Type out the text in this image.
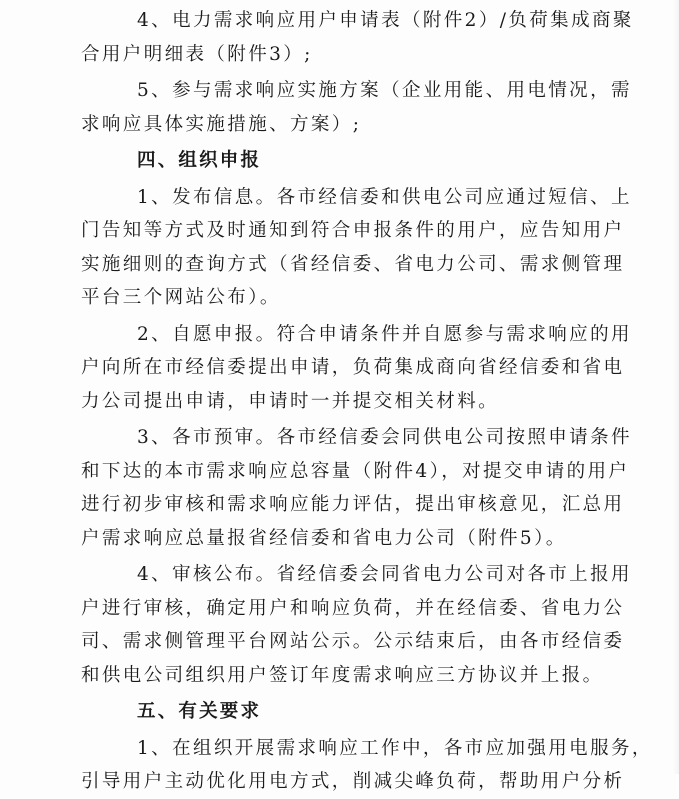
4、电力需求响应用户申请表（附件2）/负荷集成商聚
合用户明细表（附件3）;
5、参与需求响应实施方案（企业用能、用电情况，需
求响应具体实施措施、方案）;
四、组织申报
1、发布信息。各市经信委和供电公司应通过短信、上
门告知等方式及时通知到符合申报条件的用户，应告知用户
实施细则的查询方式（省经信委、省电力公司、需求侧管理
平台三个网站公布）。
2、自愿申报。符合申请条件并自愿参与需求响应的用
户向所在市经信委提出申请，负荷集成商向省经信委和省电
力公司提出申请，申请时一并提交相关材料。
3、各市预审。各市经信委会同供电公司按照申请条件
和下达的本市需求响应总容量（附件4），对提交申请的用户
进行初步审核和需求响应能力评估，提出审核意见，汇总用
户需求响应总量报省经信委和省电力公司（附件5）。
4、审核公布。省经信委会同省电力公司对各市上报用
户进行审核，确定用户和响应负荷，并在经信委、省电力公
司、需求侧管理平台网站公示。公示结束后，由各市经信委
和供电公司组织用户签订年度需求响应三方协议并上报。
五、有关要求
1、在组织开展需求响应工作中，各市应加强用电服务，
引导用户主动优化用电方式，削减尖峰负荷，帮助用户分析
